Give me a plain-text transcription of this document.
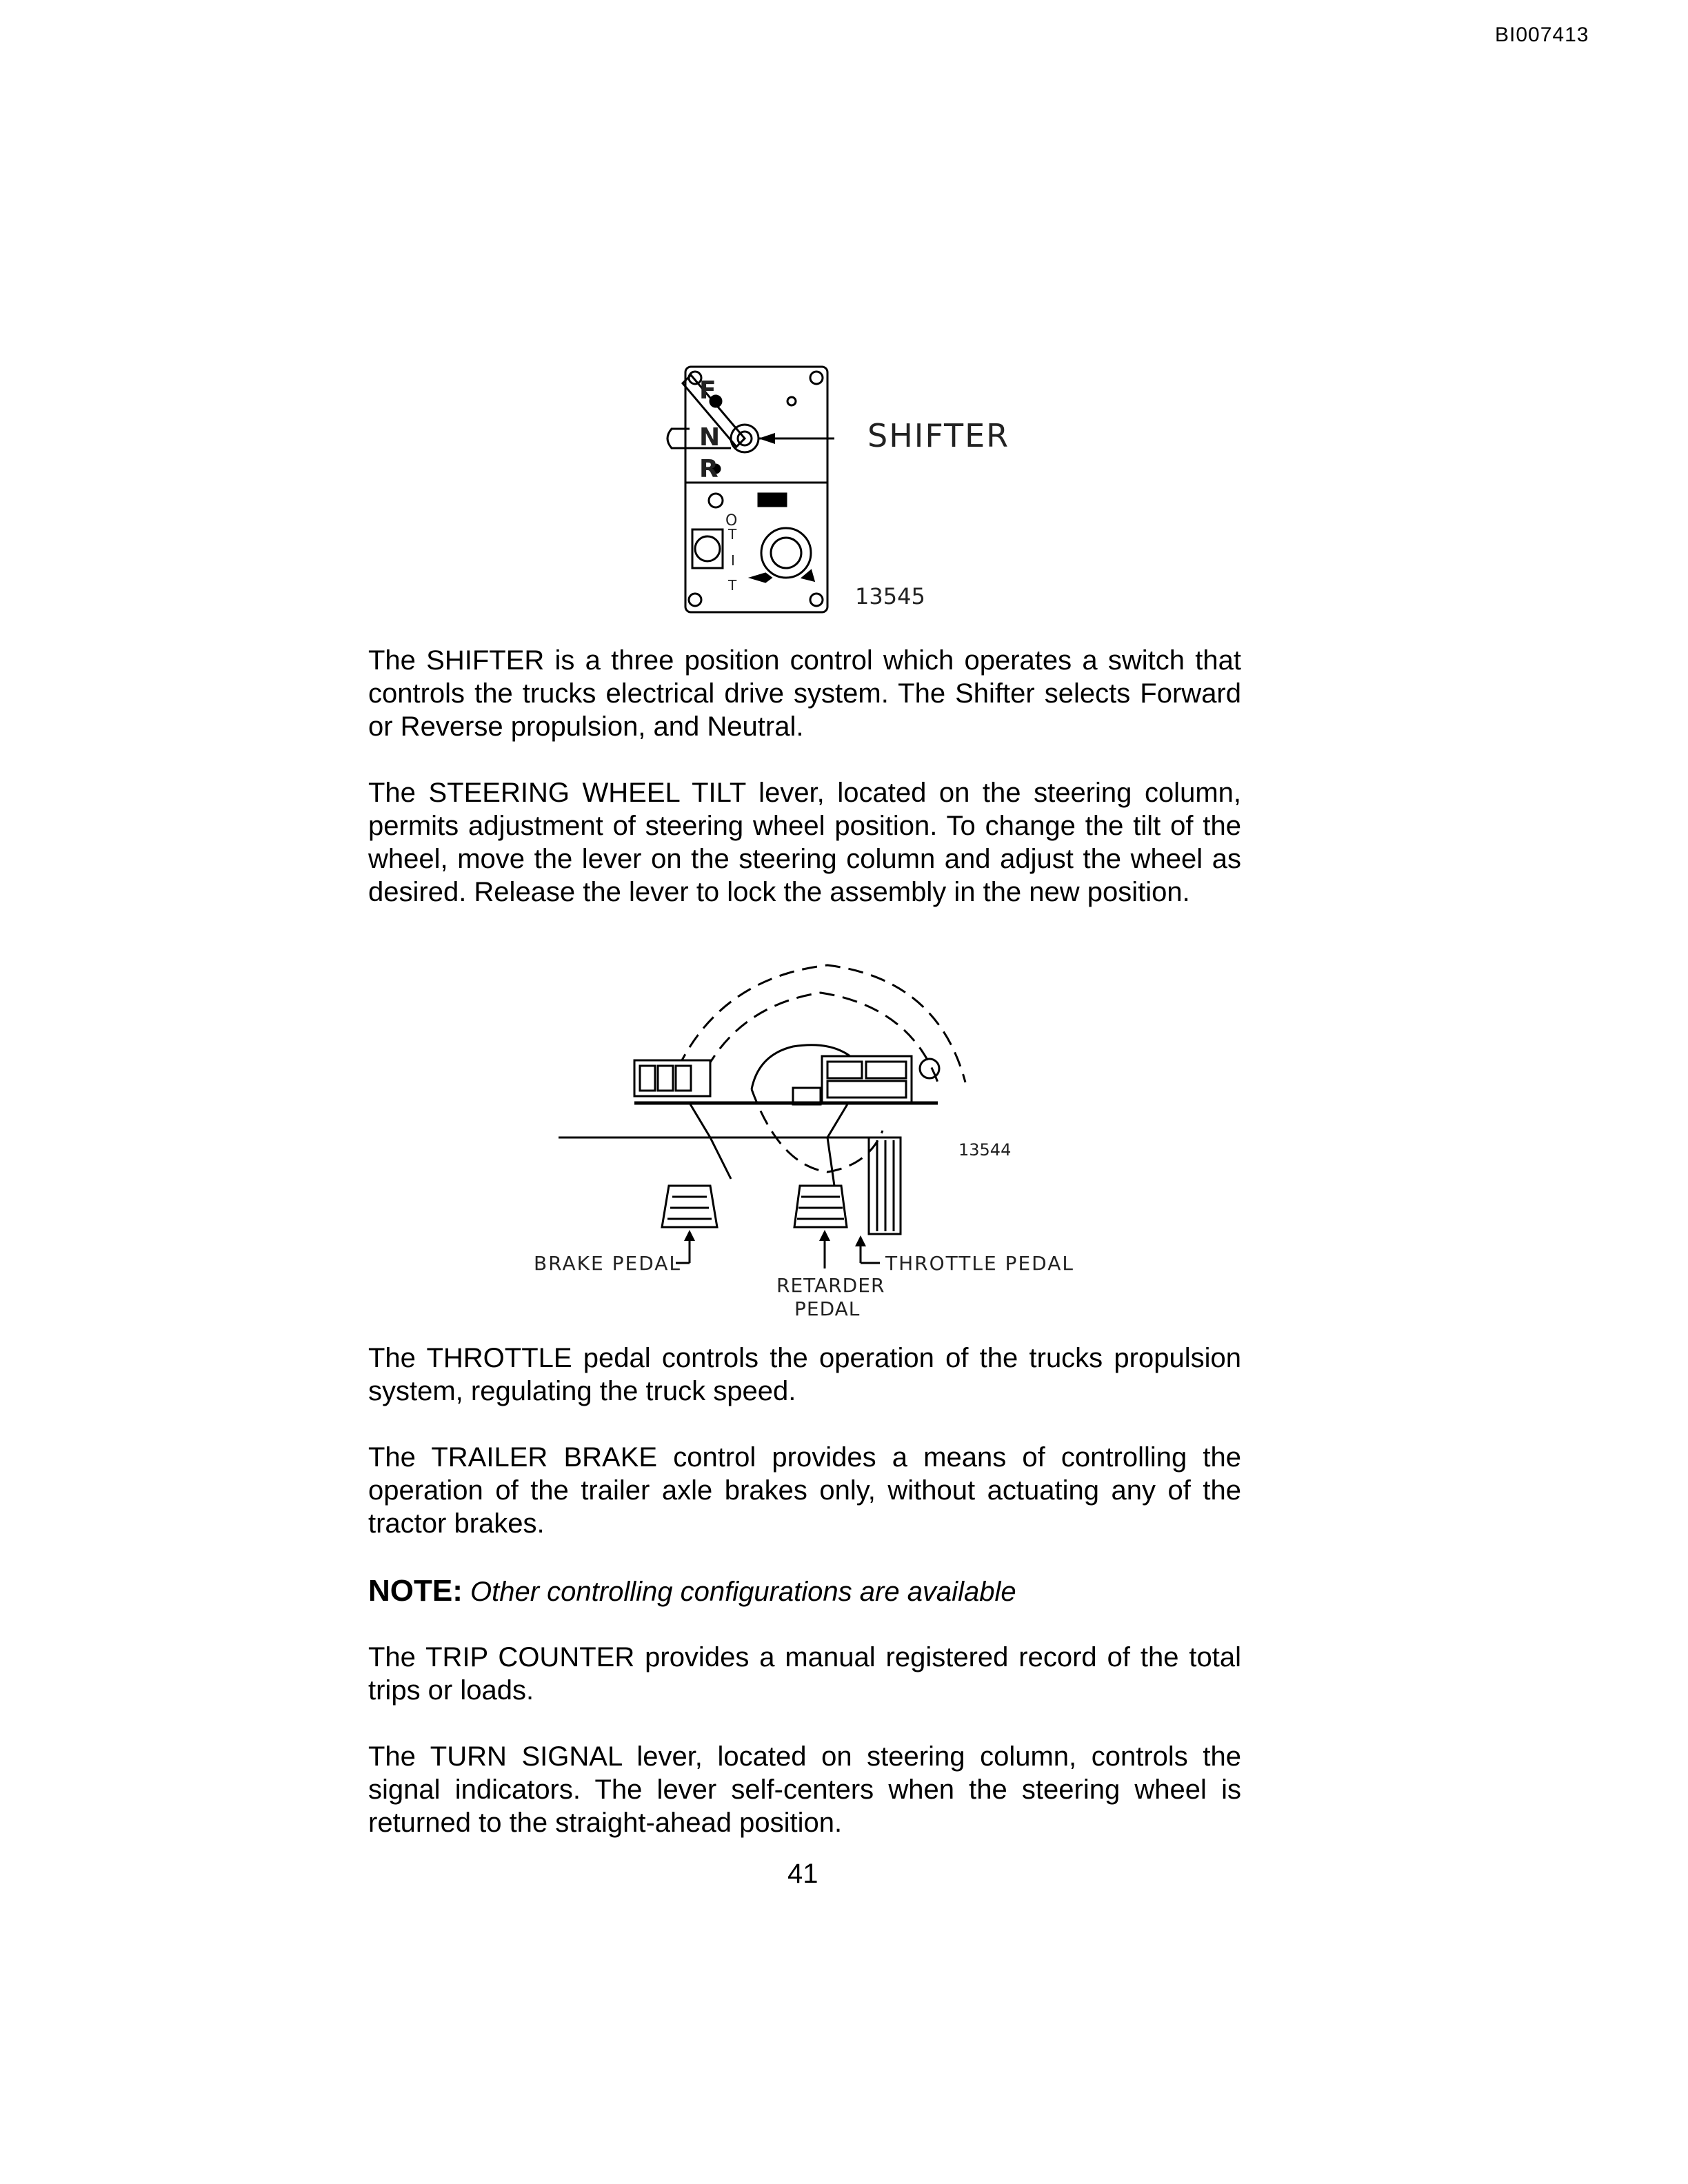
BI007413
F
N
R
O
T
I
T
SHIFTER
13545
The SHIFTER is a three position control which operates a switch that controls the trucks electrical drive system. The Shifter selects Forward or Reverse propulsion, and Neutral.
The STEERING WHEEL TILT lever, located on the steering column, permits adjustment of steering wheel position. To change the tilt of the wheel, move the lever on the steering column and adjust the wheel as desired. Release the lever to lock the assembly in the new position.
13544
BRAKE PEDAL
RETARDER
PEDAL
THROTTLE PEDAL
The THROTTLE pedal controls the operation of the trucks propulsion system, regulating the truck speed.
The TRAILER BRAKE control provides a means of controlling the operation of the trailer axle brakes only, without actuating any of the tractor brakes.
NOTE: Other controlling configurations are available
The TRIP COUNTER provides a manual registered record of the total trips or loads.
The TURN SIGNAL lever, located on steering column, controls the signal indicators. The lever self-centers when the steering wheel is returned to the straight-ahead position.
41
